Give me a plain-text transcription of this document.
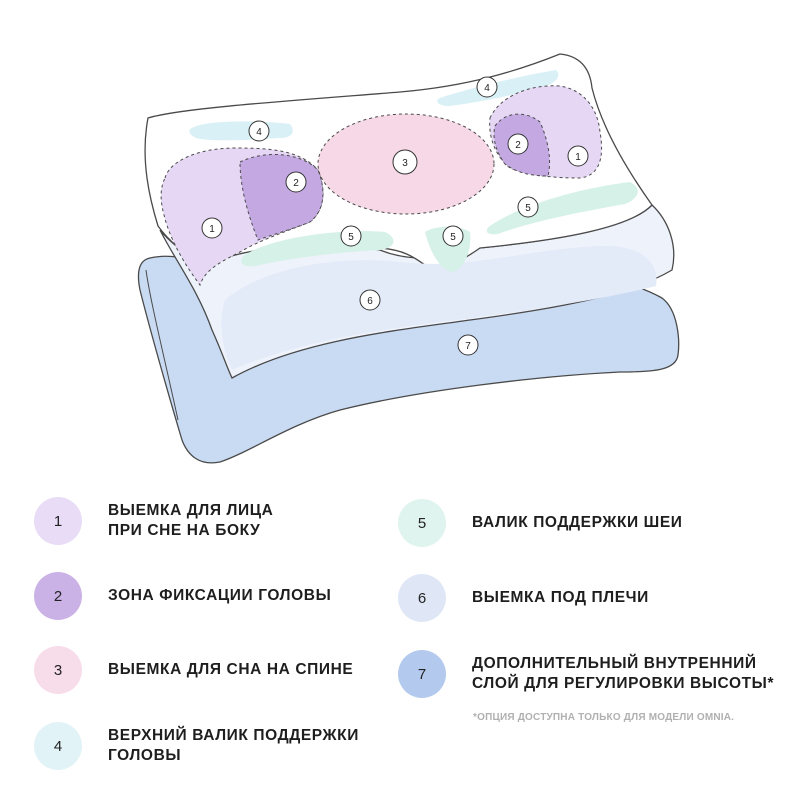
1
2
4
3
4
2
1
5	5
5
6
7
1
ВЫЕМКА ДЛЯ ЛИЦА
ПРИ СНЕ НА БОКУ
2	ЗОНА ФИКСАЦИИ ГОЛОВЫ
3	ВЫЕМКА ДЛЯ СНА НА СПИНЕ
4
ВЕРХНИЙ ВАЛИК ПОДДЕРЖКИ
ГОЛОВЫ
5	ВАЛИК ПОДДЕРЖКИ ШЕИ
6	ВЫЕМКА ПОД ПЛЕЧИ
7
ДОПОЛНИТЕЛЬНЫЙ ВНУТРЕННИЙ
СЛОЙ ДЛЯ РЕГУЛИРОВКИ ВЫСОТЫ*
*ОПЦИЯ ДОСТУПНА ТОЛЬКО ДЛЯ МОДЕЛИ OMNIA.
